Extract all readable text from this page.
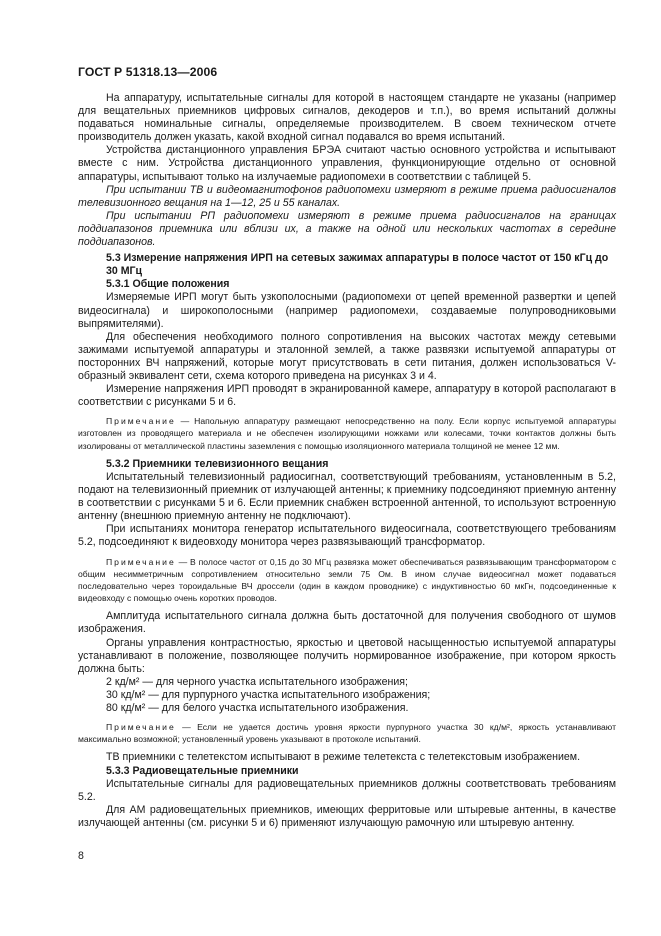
ГОСТ Р 51318.13—2006

На аппаратуру, испытательные сигналы для которой в настоящем стандарте не указаны (например для вещательных приемников цифровых сигналов, декодеров и т.п.), во время испытаний должны подаваться номинальные сигналы, определяемые производителем. В своем техническом отчете производитель должен указать, какой входной сигнал подавался во время испытаний.

Устройства дистанционного управления БРЭА считают частью основного устройства и испытывают вместе с ним. Устройства дистанционного управления, функционирующие отдельно от основной аппаратуры, испытывают только на излучаемые радиопомехи в соответствии с таблицей 5.

При испытании ТВ и видеомагнитофонов радиопомехи измеряют в режиме приема радиосигналов телевизионного вещания на 1—12, 25 и 55 каналах.

При испытании РП радиопомехи измеряют в режиме приема радиосигналов на границах поддиапазонов приемника или вблизи их, а также на одной или нескольких частотах в середине поддиапазонов.

5.3 Измерение напряжения ИРП на сетевых зажимах аппаратуры в полосе частот от 150 кГц до 30 МГц
5.3.1 Общие положения

Измеряемые ИРП могут быть узкополосными (радиопомехи от цепей временной развертки и цепей видеосигнала) и широкополосными (например радиопомехи, создаваемые полупроводниковыми выпрямителями).

Для обеспечения необходимого полного сопротивления на высоких частотах между сетевыми зажимами испытуемой аппаратуры и эталонной землей, а также развязки испытуемой аппаратуры от посторонних ВЧ напряжений, которые могут присутствовать в сети питания, должен использоваться V-образный эквивалент сети, схема которого приведена на рисунках 3 и 4.

Измерение напряжения ИРП проводят в экранированной камере, аппаратуру в которой располагают в соответствии с рисунками 5 и 6.

Примечание — Напольную аппаратуру размещают непосредственно на полу. Если корпус испытуемой аппаратуры изготовлен из проводящего материала и не обеспечен изолирующими ножками или колесами, точки контактов должны быть изолированы от металлической пластины заземления с помощью изоляционного материала толщиной не менее 12 мм.

5.3.2 Приемники телевизионного вещания

Испытательный телевизионный радиосигнал, соответствующий требованиям, установленным в 5.2, подают на телевизионный приемник от излучающей антенны; к приемнику подсоединяют приемную антенну в соответствии с рисунками 5 и 6. Если приемник снабжен встроенной антенной, то используют встроенную антенну (внешнюю приемную антенну не подключают).

При испытаниях монитора генератор испытательного видеосигнала, соответствующего требованиям 5.2, подсоединяют к видеовходу монитора через развязывающий трансформатор.

Примечание — В полосе частот от 0,15 до 30 МГц развязка может обеспечиваться развязывающим трансформатором с общим несимметричным сопротивлением относительно земли 75 Ом. В ином случае видеосигнал может подаваться последовательно через тороидальные ВЧ дроссели (один в каждом проводнике) с индуктивностью 60 мкГн, подсоединенные к видеовходу с помощью очень коротких проводов.

Амплитуда испытательного сигнала должна быть достаточной для получения свободного от шумов изображения.

Органы управления контрастностью, яркостью и цветовой насыщенностью испытуемой аппаратуры устанавливают в положение, позволяющее получить нормированное изображение, при котором яркость должна быть:

2 кд/м² — для черного участка испытательного изображения;
30 кд/м² — для пурпурного участка испытательного изображения;
80 кд/м² — для белого участка испытательного изображения.

Примечание — Если не удается достичь уровня яркости пурпурного участка 30 кд/м², яркость устанавливают максимально возможной; установленный уровень указывают в протоколе испытаний.

ТВ приемники с телетекстом испытывают в режиме телетекста с телетекстовым изображением.

5.3.3 Радиовещательные приемники

Испытательные сигналы для радиовещательных приемников должны соответствовать требованиям 5.2.

Для АМ радиовещательных приемников, имеющих ферритовые или штыревые антенны, в качестве излучающей антенны (см. рисунки 5 и 6) применяют излучающую рамочную или штыревую антенну.

8
